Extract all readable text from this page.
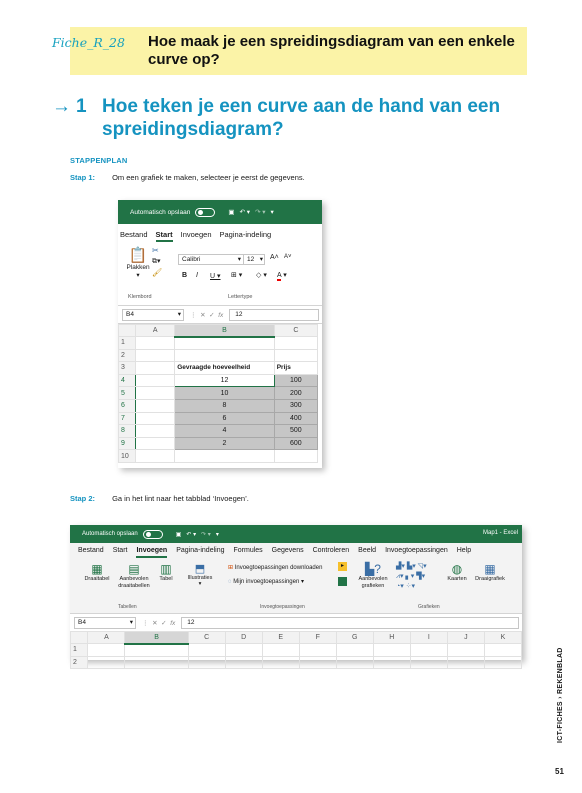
Fiche_R_28 Hoe maak je een spreidingsdiagram van een enkele curve op?
→ 1 Hoe teken je een curve aan de hand van een spreidingsdiagram?
STAPPENPLAN
Stap 1: Om een grafiek te maken, selecteer je eerst de gegevens.
Automatisch opslaan	▣ ↶ ▾ ↷ ▾ ▾
Bestand Start Invoegen Pagina-indeling
📋
Plakken
▾
✂
⧉▾
🖌
Calibri	▾ 12 ▾ A˄ A˅
B I U ▾ ⊞ ▾ ◇ ▾ A ▾
Klembord	Lettertype
B4	▾	⋮  ✕  ✓  fx	12
	A	B	C
1			
2			
3		Gevraagde hoeveelheid	Prijs
4		12	100
5		10	200
6		8	300
7		6	400
8		4	500
9		2	600
10			
Stap 2: Ga in het lint naar het tabblad ‘Invoegen’.
Automatisch opslaan	▣ ↶ ▾ ↷ ▾ ▾	Map1 - Excel
Bestand Start Invoegen Pagina-indeling Formules Gegevens Controleren Beeld Invoegtoepassingen Help
▦
Draaitabel
▤
Aanbevolen draaitabellen
▥
Tabel
⬒
Illustraties
▾
⊞ Invoegtoepassingen downloaden	▸
◌ Mijn invoegtoepassingen ▾
▙?
Aanbevolen grafieken
▟▾ ▙▾ ◹▾
⩘▾ ▖▾ ▜▾
◔▾ ⁘▾
◍
Kaarten
▦
Draaigrafiek
Tabellen	Invoegtoepassingen	Grafieken
B4	▾	⋮  ✕  ✓  fx	12
	A	B	C	D	E	F	G	H	I	J	K
1											
2												ICT-FICHES › REKENBLAD
51
